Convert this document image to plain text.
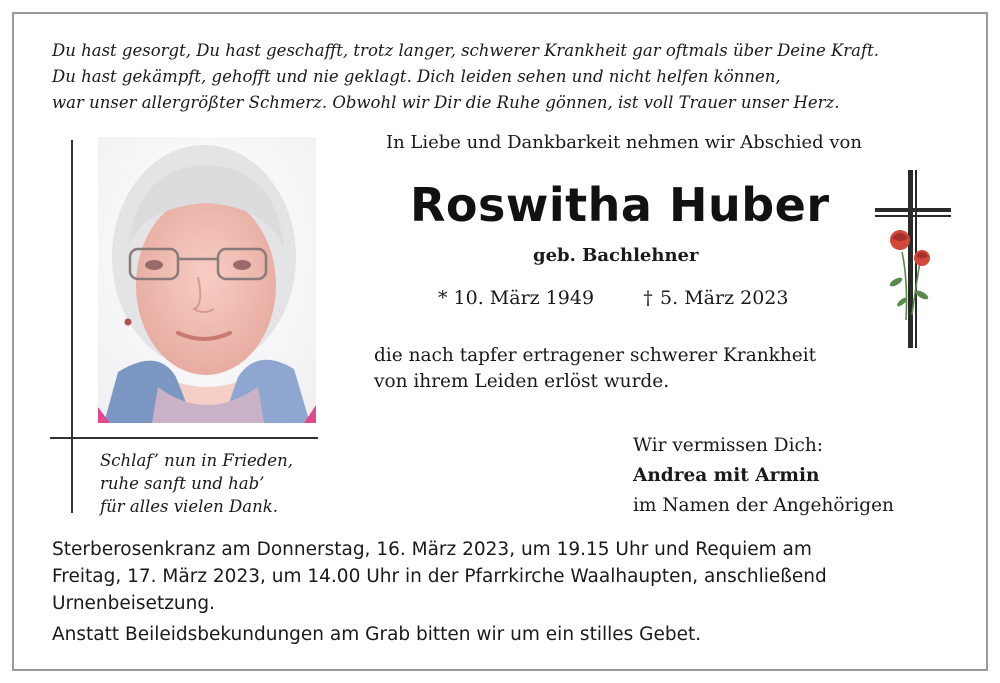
Du hast gesorgt, Du hast geschafft, trotz langer, schwerer Krankheit gar oftmals über Deine Kraft.
Du hast gekämpft, gehofft und nie geklagt. Dich leiden sehen und nicht helfen können,
war unser allergrößter Schmerz. Obwohl wir Dir die Ruhe gönnen, ist voll Trauer unser Herz.
In Liebe und Dankbarkeit nehmen wir Abschied von
Roswitha Huber
geb. Bachlehner
* 10. März 1949	† 5. März 2023
die nach tapfer ertragener schwerer Krankheit
von ihrem Leiden erlöst wurde.
Schlaf’ nun in Frieden,
ruhe sanft und hab’
für alles vielen Dank.
Wir vermissen Dich:
Andrea mit Armin
im Namen der Angehörigen
Sterberosenkranz am Donnerstag, 16. März 2023, um 19.15 Uhr und Requiem am
Freitag, 17. März 2023, um 14.00 Uhr in der Pfarrkirche Waalhaupten, anschließend
Urnenbeisetzung.
Anstatt Beileidsbekundungen am Grab bitten wir um ein stilles Gebet.
